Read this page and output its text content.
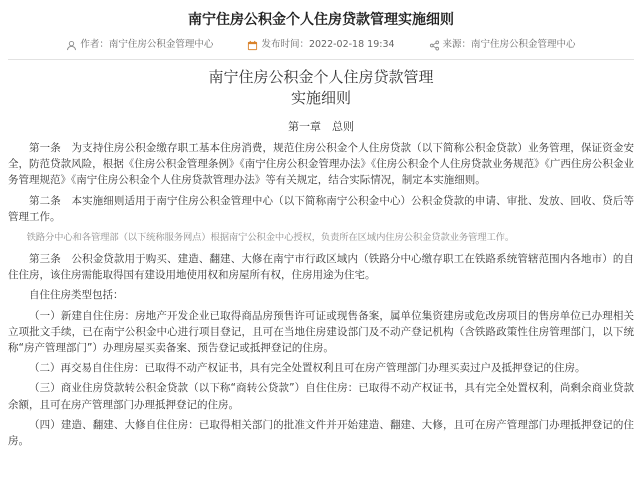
南宁住房公积金个人住房贷款管理实施细则
作者：南宁住房公积金管理中心	发布时间：2022-02-18 19:34	来源：南宁住房公积金管理中心
南宁住房公积金个人住房贷款管理
实施细则
第一章　总则

第一条　为支持住房公积金缴存职工基本住房消费，规范住房公积金个人住房贷款（以下简称公积金贷款）业务管理，保证资金安全，防范贷款风险，根据《住房公积金管理条例》《南宁住房公积金管理办法》《住房公积金个人住房贷款业务规范》《广西住房公积金业务管理规范》《南宁住房公积金个人住房贷款管理办法》等有关规定，结合实际情况，制定本实施细则。

第二条　本实施细则适用于南宁住房公积金管理中心（以下简称南宁公积金中心）公积金贷款的申请、审批、发放、回收、贷后等管理工作。

铁路分中心和各管理部（以下统称服务网点）根据南宁公积金中心授权，负责所在区域内住房公积金贷款业务管理工作。

第三条　公积金贷款用于购买、建造、翻建、大修在南宁市行政区域内（铁路分中心缴存职工在铁路系统管辖范围内各地市）的自住住房，该住房需能取得国有建设用地使用权和房屋所有权，住房用途为住宅。

自住住房类型包括：

（一）新建自住住房：房地产开发企业已取得商品房预售许可证或现售备案，属单位集资建房或危改房项目的售房单位已办理相关立项批文手续，已在南宁公积金中心进行项目登记，且可在当地住房建设部门及不动产登记机构（含铁路政策性住房管理部门，以下统称“房产管理部门”）办理房屋买卖备案、预告登记或抵押登记的住房。

（二）再交易自住住房：已取得不动产权证书，具有完全处置权利且可在房产管理部门办理买卖过户及抵押登记的住房。

（三）商业住房贷款转公积金贷款（以下称“商转公贷款”）自住住房：已取得不动产权证书，具有完全处置权利，尚剩余商业贷款余额，且可在房产管理部门办理抵押登记的住房。

（四）建造、翻建、大修自住住房：已取得相关部门的批准文件并开始建造、翻建、大修，且可在房产管理部门办理抵押登记的住房。
